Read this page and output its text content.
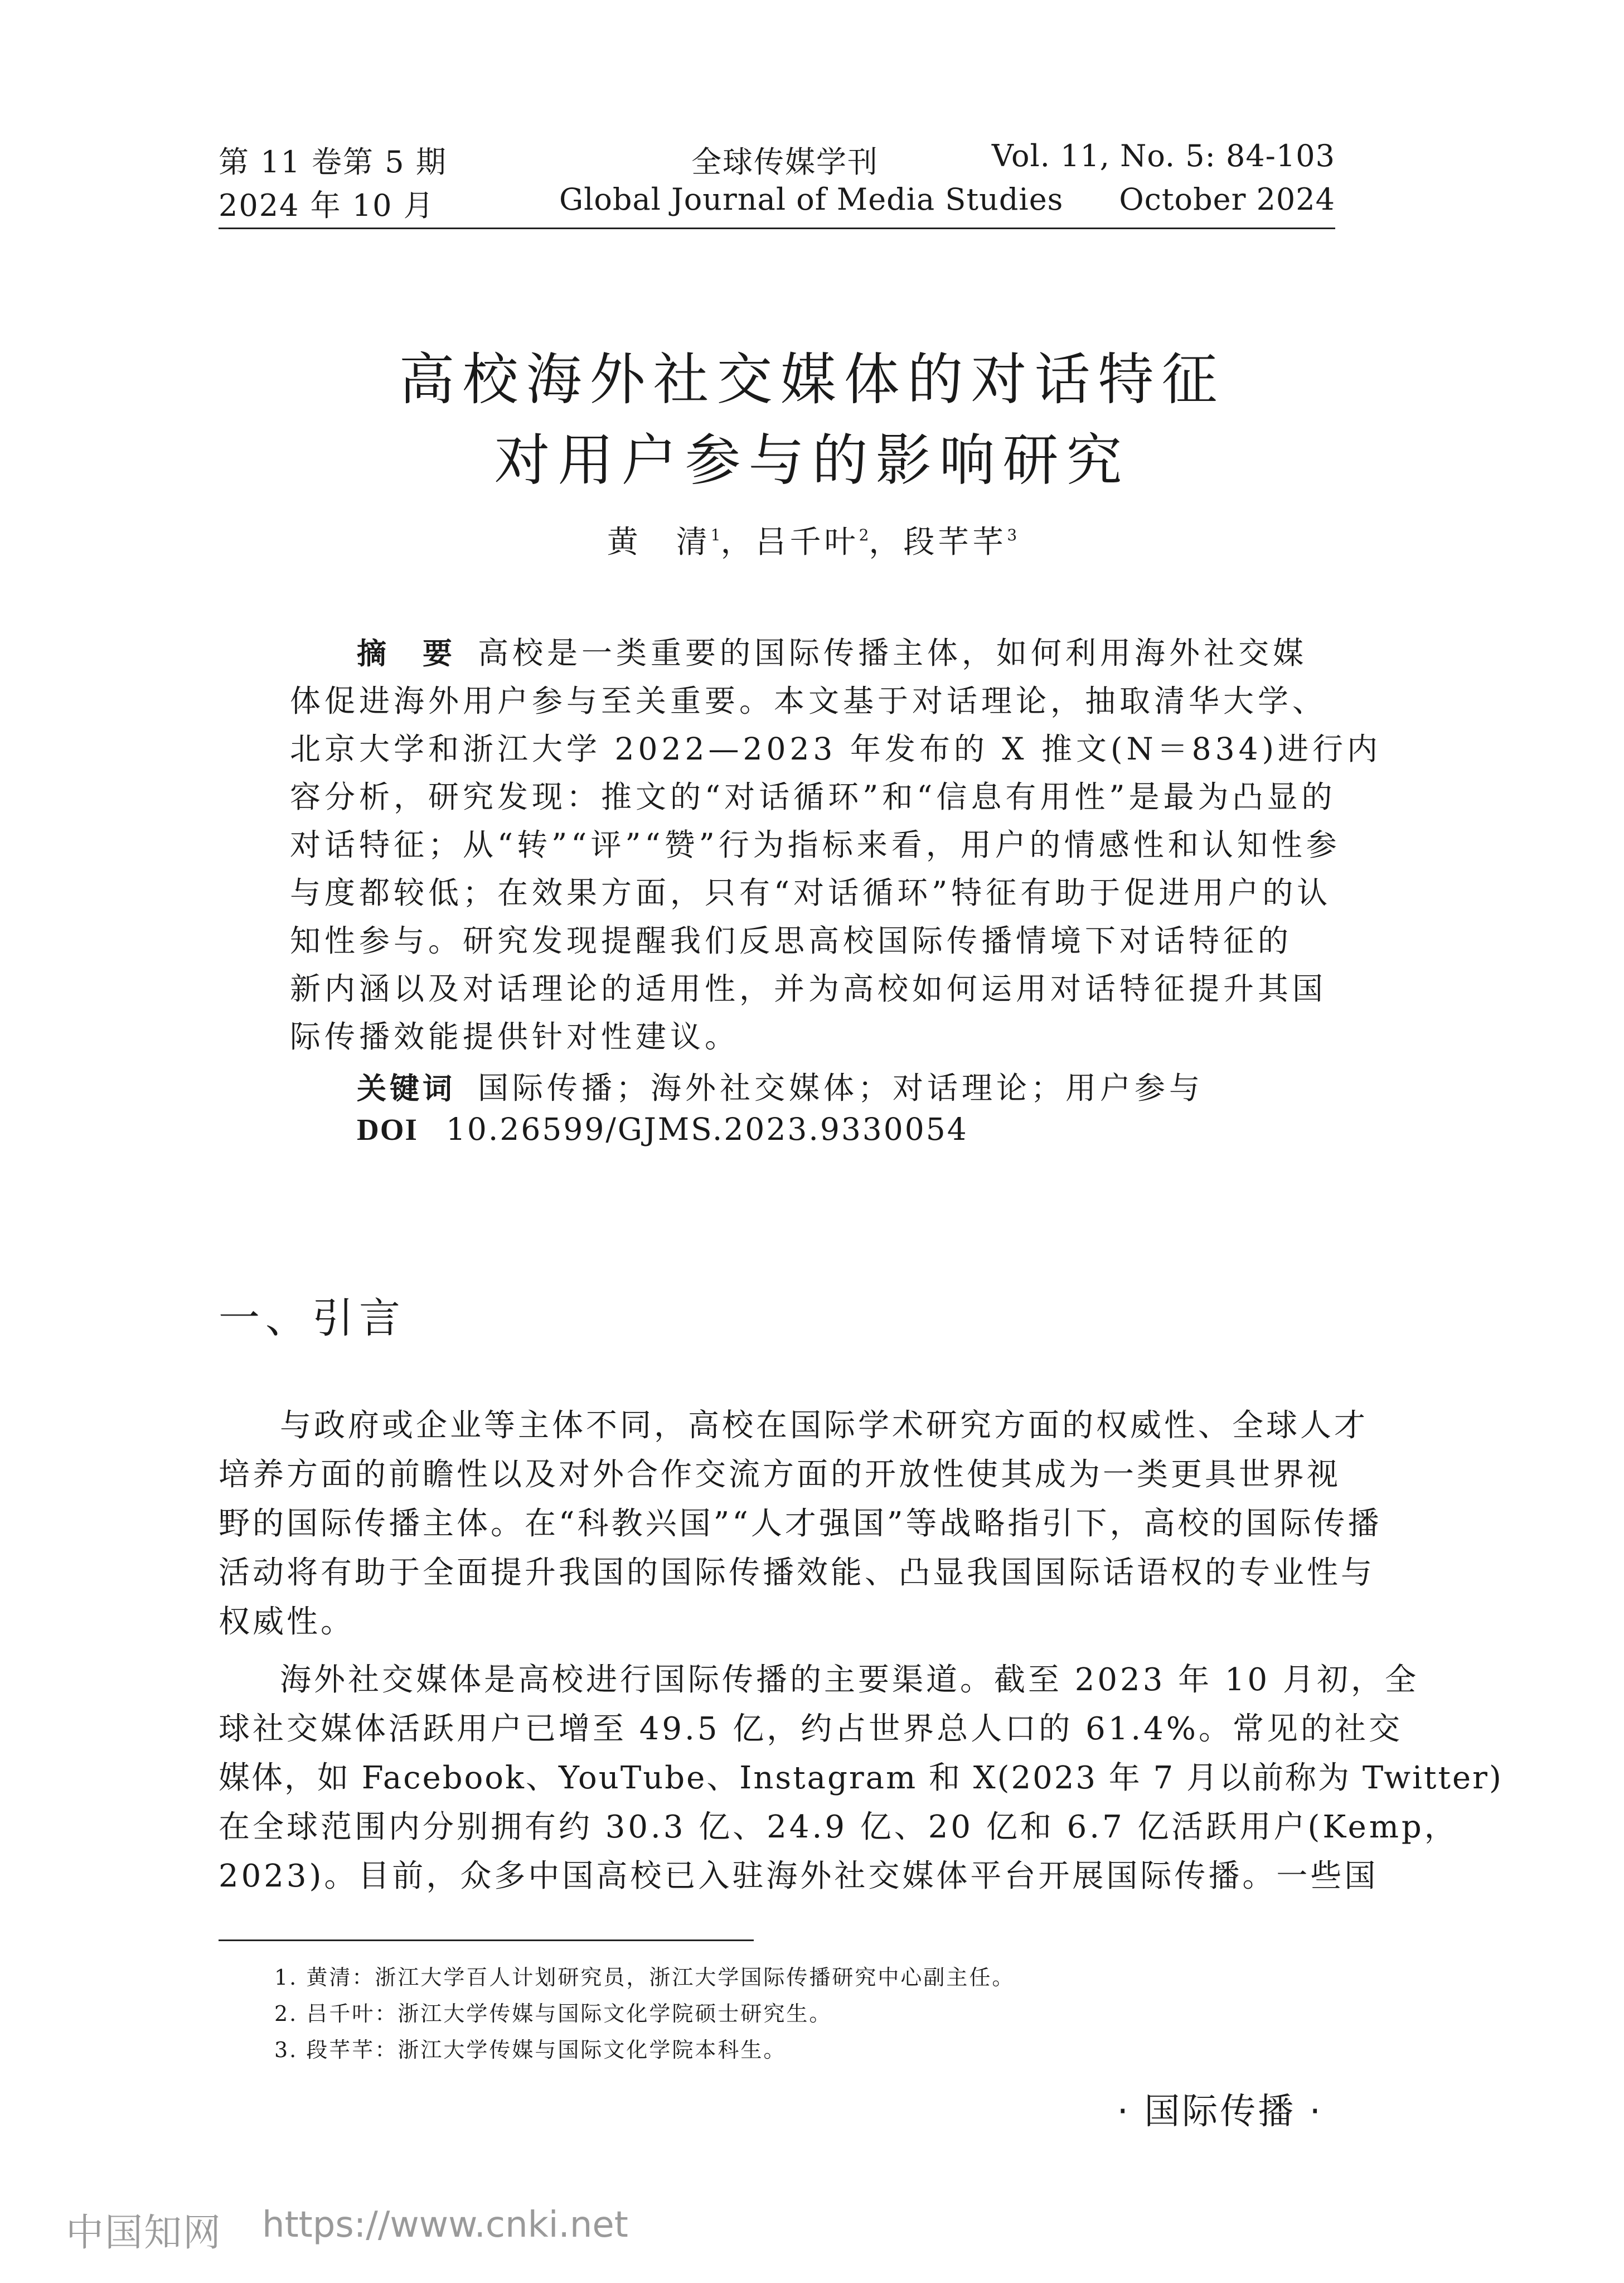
第 11 卷第 5 期
2024 年 10 月
全球传媒学刊
Global Journal of Media Studies
Vol. 11, No. 5: 84-103
October 2024
高校海外社交媒体的对话特征
对用户参与的影响研究
黄　清$^1$，吕千叶$^2$，段芊芊$^3$
摘　要 高校是一类重要的国际传播主体，如何利用海外社交媒
体促进海外用户参与至关重要。本文基于对话理论，抽取清华大学、
北京大学和浙江大学 2022—2023 年发布的 X 推文(N＝834)进行内
容分析，研究发现：推文的“对话循环”和“信息有用性”是最为凸显的
对话特征；从“转”“评”“赞”行为指标来看，用户的情感性和认知性参
与度都较低；在效果方面，只有“对话循环”特征有助于促进用户的认
知性参与。研究发现提醒我们反思高校国际传播情境下对话特征的
新内涵以及对话理论的适用性，并为高校如何运用对话特征提升其国
际传播效能提供针对性建议。
关键词 国际传播；海外社交媒体；对话理论；用户参与
DOI 10.26599/GJMS.2023.9330054
一、引言
与政府或企业等主体不同，高校在国际学术研究方面的权威性、全球人才
培养方面的前瞻性以及对外合作交流方面的开放性使其成为一类更具世界视
野的国际传播主体。在“科教兴国”“人才强国”等战略指引下，高校的国际传播
活动将有助于全面提升我国的国际传播效能、凸显我国国际话语权的专业性与
权威性。
海外社交媒体是高校进行国际传播的主要渠道。截至 2023 年 10 月初，全
球社交媒体活跃用户已增至 49.5 亿，约占世界总人口的 61.4%。常见的社交
媒体，如 Facebook、YouTube、Instagram 和 X(2023 年 7 月以前称为 Twitter)
在全球范围内分别拥有约 30.3 亿、24.9 亿、20 亿和 6.7 亿活跃用户(Kemp，
2023)。目前，众多中国高校已入驻海外社交媒体平台开展国际传播。一些国
1. 黄清：浙江大学百人计划研究员，浙江大学国际传播研究中心副主任。
2. 吕千叶：浙江大学传媒与国际文化学院硕士研究生。
3. 段芊芊：浙江大学传媒与国际文化学院本科生。
· 国际传播 ·
中国知网 https://www.cnki.net
